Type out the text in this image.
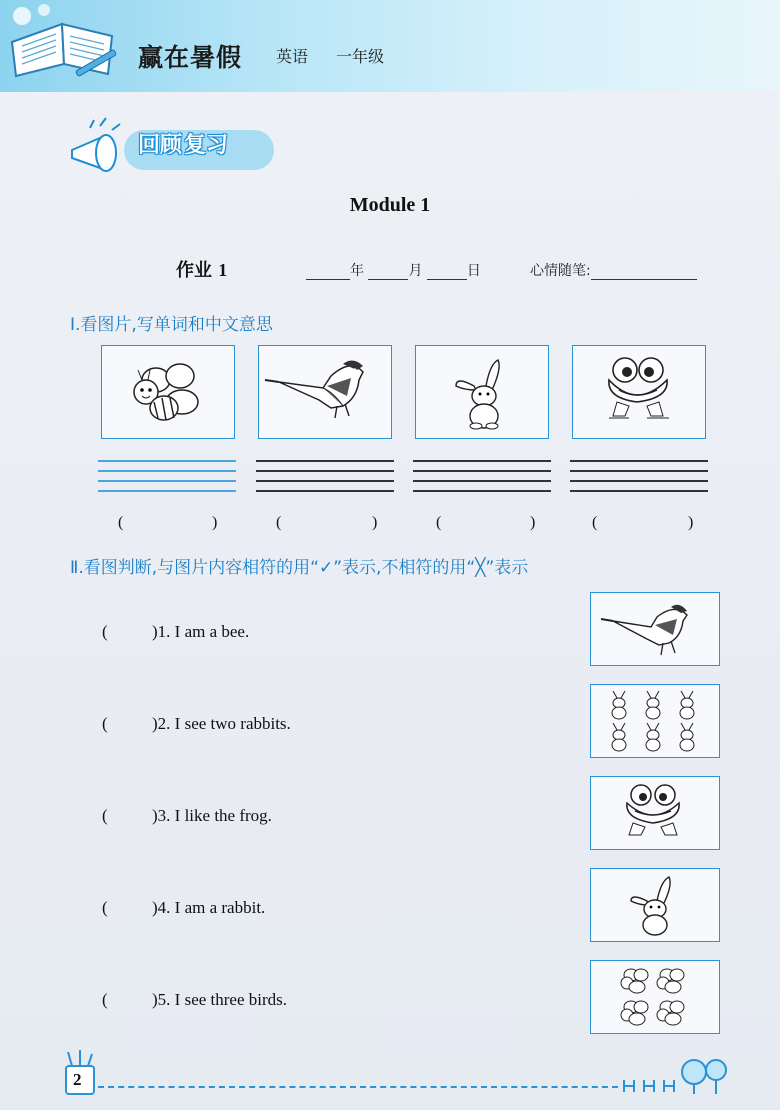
赢在暑假 英语 一年级
回顾复习
Module 1
作业 1	年	月	日	心情随笔:
Ⅰ.看图片,写单词和中文意思
(	)	(	)	(	)	(	)
Ⅱ.看图判断,与图片内容相符的用“✓”表示,不相符的用“╳”表示
(	)1. I am a bee.
(	)2. I see two rabbits.
(	)3. I like the frog.
(	)4. I am a rabbit.
(	)5. I see three birds.
2
